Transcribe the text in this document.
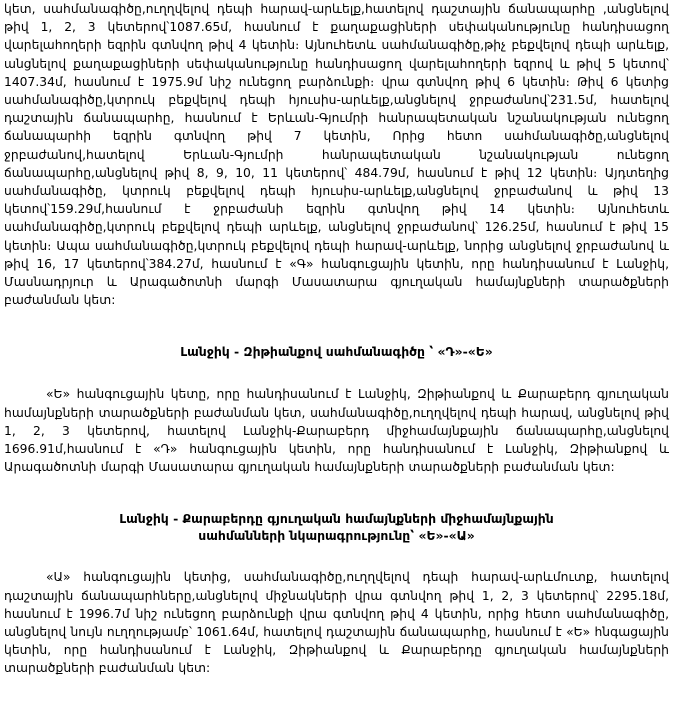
կետ, սահմանագիծը,ուղղվելով դեպի հարավ-արևելք,հատելով դաշտային ճանապարհը ,անցնելով թիվ 1, 2, 3 կետերով՝1087.65մ, հասնում է քաղաքացիների սեփականությունը հանդիսացող վարելահողերի եզրին գտնվող թիվ 4 կետին։ Այնուհետև սահմանագիծը,թիչ բեքվելով դեպի արևելք, անցնելով քաղաքացիների սեփականությունը հանդիսացող վարելահողերի եզրով և թիվ 5 կետով՝ 1407.34մ, հասնում է 1975.9մ նիշ ունեցող բարձունքի։ վրա գտնվող թիվ 6 կետին։ Թիվ 6 կետից սահմանագիծը,կտրուկ բեքվելով դեպի հյուսիս-արևելք,անցնելով ջրբաժանով՝231.5մ, հատելով դաշտային ճանապարհը, հասնում է Երևան-Գյումրի հանրապետական նշանակության ունեցող ճանապարհի եզրին գտնվող թիվ 7 կետին, Որից հետո սահմանագիծը,անցնելով ջրբաժանով,հատելով Երևան-Գյումրի հանրապետական նշանակության ունեցող ճանապարհը,անցնելով թիվ 8, 9, 10, 11 կետերով՝ 484.79մ, հասնում է թիվ 12 կետին։ Այդտեղից սահմանագիծը, կտրուկ բեքվելով դեպի հյուսիս-արևելք,անցնելով ջրբաժանով և թիվ 13 կետով՝159.29մ,հասնում է ջրբաժանի եզրին գտնվող թիվ 14 կետին։ Այնուհետև սահմանագիծը,կտրուկ բեքվելով դեպի արևելք, անցնելով ջրբաժանով՝ 126.25մ, հասնում է թիվ 15 կետին։ Ապա սահմանագիծը,կտրուկ բեքվելով դեպի հարավ-արևելք, նորից անցնելով ջրբաժանով և թիվ 16, 17 կետերով՝384.27մ, հասնում է «Գ» հանգուցային կետին, որը հանդիսանում է Լանջիկ, Մասնադրյուր և Արագածոտնի մարգի Մասատարա գյուղական համայնքների տարածքների բաժանման կետ:

Լանջիկ - Զիթիանքով սահմանագիծը ՝ «Դ»-«Ե»

«Ե» հանգուցային կետը, որը հանդիսանում է Լանջիկ, Զիթիանքով և Քարաբերդ գյուղական համայնքների տարածքների բաժանման կետ, սահմանագիծը,ուղղվելով դեպի հարավ, անցնելով թիվ 1, 2, 3 կետերով, հատելով Լանջիկ-Քարաբերդ միջհամայնքային ճանապարհը,անցնելով 1696.91մ,հասնում է «Դ» հանգուցային կետին, որը հանդիսանում է Լանջիկ, Զիթիանքով և Արագածոտնի մարգի Մասատարա գյուղական համայնքների տարածքների բաժանման կետ:

Լանջիկ - Քարաբերդը գյուղական համայնքների միջհամայնքային

սահմանների նկարագրությունը՝ «Ե»-«Ա»

«Ա» հանգուցային կետից, սահմանագիծը,ուղղվելով դեպի հարավ-արևմուտք, հատելով դաշտային ճանապարհները,անցնելով միջնակների վրա գտնվող թիվ 1, 2, 3 կետերով՝ 2295.18մ, հասնում է 1996.7մ նիշ ունեցող բարձունքի վրա գտնվող թիվ 4 կետին, որից հետո սահմանագիծը, անցնելով նույն ուղղությամբ՝ 1061.64մ, հատելով դաշտային ճանապարհը, հասնում է «Ե» հնգացային կետին, որը հանդիսանում է Լանջիկ, Զիթիանքով և Քարաբերդը գյուղական համայնքների տարածքների բաժանման կետ:
